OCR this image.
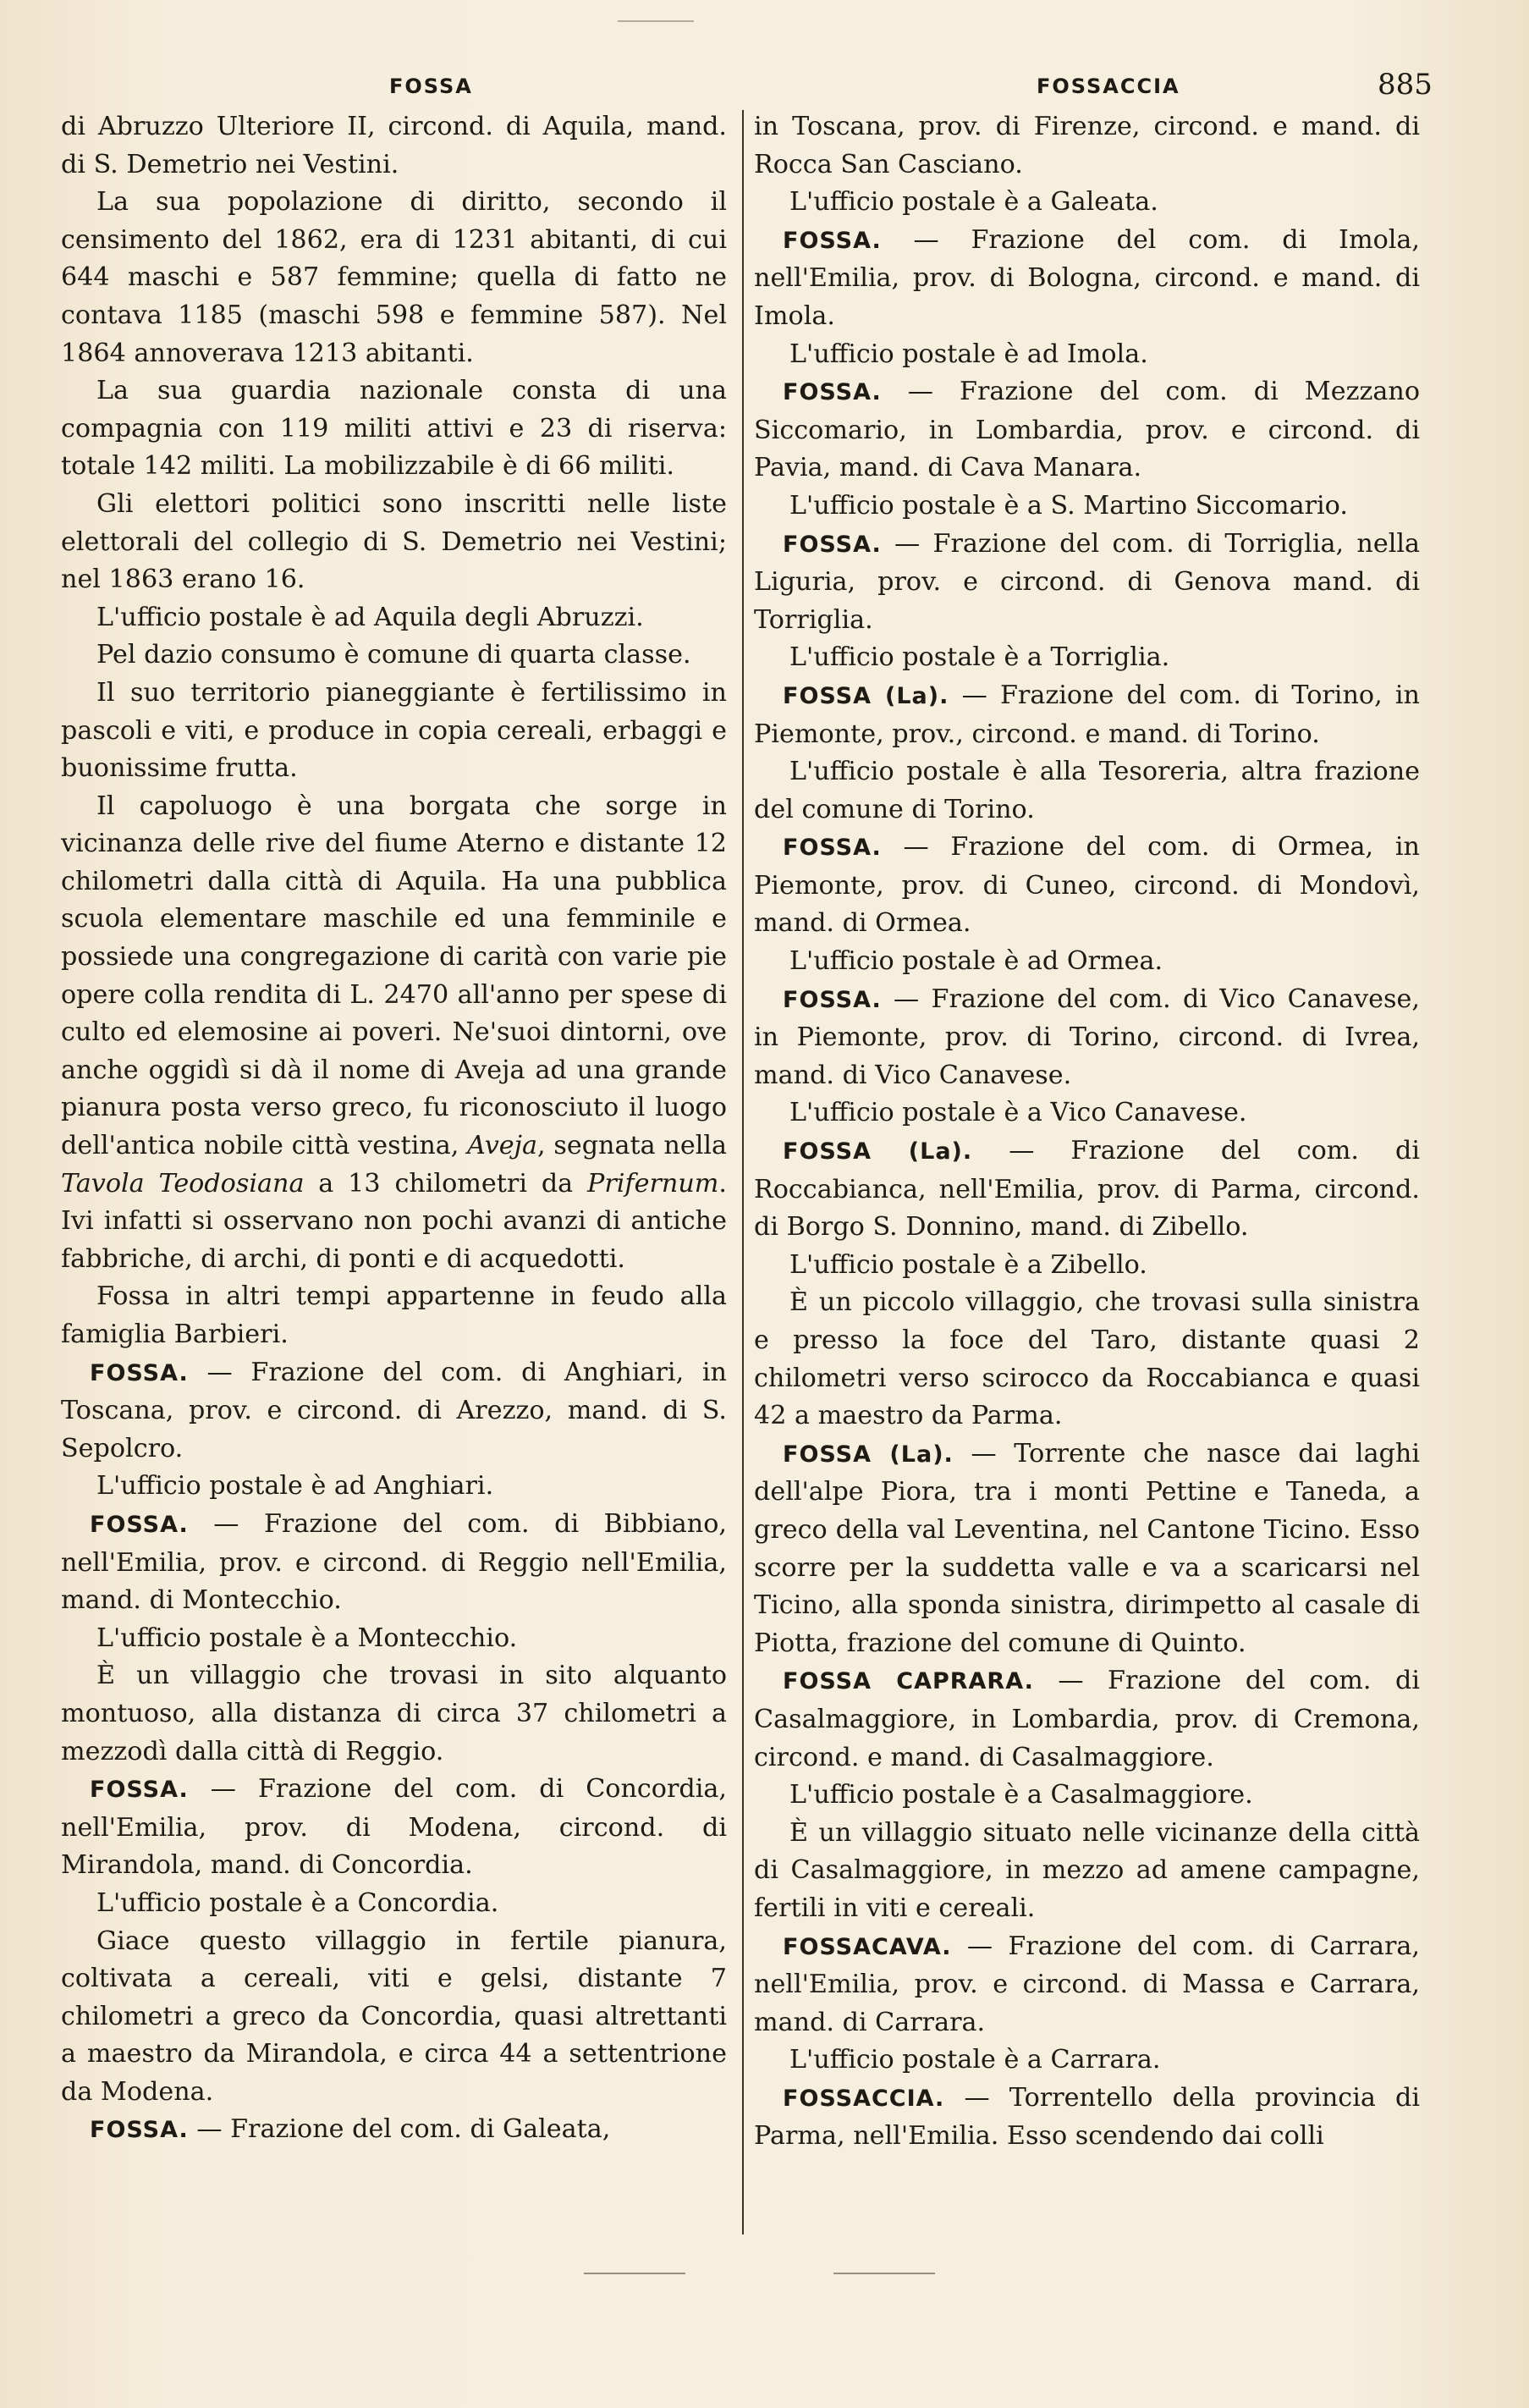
FOSSA	FOSSACCIA	885

di Abruzzo Ulteriore II, circond. di Aquila, mand. di S. Demetrio nei Vestini.

La sua popolazione di diritto, secondo il censimento del 1862, era di 1231 abitanti, di cui 644 maschi e 587 femmine; quella di fatto ne contava 1185 (maschi 598 e femmine 587). Nel 1864 annoverava 1213 abitanti.

La sua guardia nazionale consta di una compagnia con 119 militi attivi e 23 di riserva: totale 142 militi. La mobilizzabile è di 66 militi.

Gli elettori politici sono inscritti nelle liste elettorali del collegio di S. Demetrio nei Vestini; nel 1863 erano 16.

L'ufficio postale è ad Aquila degli Abruzzi.

Pel dazio consumo è comune di quarta classe.

Il suo territorio pianeggiante è fertilissimo in pascoli e viti, e produce in copia cereali, erbaggi e buonissime frutta.

Il capoluogo è una borgata che sorge in vicinanza delle rive del fiume Aterno e distante 12 chilometri dalla città di Aquila. Ha una pubblica scuola elementare maschile ed una femminile e possiede una congregazione di carità con varie pie opere colla rendita di L. 2470 all'anno per spese di culto ed elemosine ai poveri. Ne'suoi dintorni, ove anche oggidì si dà il nome di Aveja ad una grande pianura posta verso greco, fu riconosciuto il luogo dell'antica nobile città vestina, Aveja, segnata nella Tavola Teodosiana a 13 chilometri da Prifernum. Ivi infatti si osservano non pochi avanzi di antiche fabbriche, di archi, di ponti e di acquedotti.

Fossa in altri tempi appartenne in feudo alla famiglia Barbieri.

FOSSA. — Frazione del com. di Anghiari, in Toscana, prov. e circond. di Arezzo, mand. di S. Sepolcro.

L'ufficio postale è ad Anghiari.

FOSSA. — Frazione del com. di Bibbiano, nell'Emilia, prov. e circond. di Reggio nell'Emilia, mand. di Montecchio.

L'ufficio postale è a Montecchio.

È un villaggio che trovasi in sito alquanto montuoso, alla distanza di circa 37 chilometri a mezzodì dalla città di Reggio.

FOSSA. — Frazione del com. di Concordia, nell'Emilia, prov. di Modena, circond. di Mirandola, mand. di Concordia.

L'ufficio postale è a Concordia.

Giace questo villaggio in fertile pianura, coltivata a cereali, viti e gelsi, distante 7 chilometri a greco da Concordia, quasi altrettanti a maestro da Mirandola, e circa 44 a settentrione da Modena.

FOSSA. — Frazione del com. di Galeata,

in Toscana, prov. di Firenze, circond. e mand. di Rocca San Casciano.

L'ufficio postale è a Galeata.

FOSSA. — Frazione del com. di Imola, nell'Emilia, prov. di Bologna, circond. e mand. di Imola.

L'ufficio postale è ad Imola.

FOSSA. — Frazione del com. di Mezzano Siccomario, in Lombardia, prov. e circond. di Pavia, mand. di Cava Manara.

L'ufficio postale è a S. Martino Siccomario.

FOSSA. — Frazione del com. di Torriglia, nella Liguria, prov. e circond. di Genova mand. di Torriglia.

L'ufficio postale è a Torriglia.

FOSSA (La). — Frazione del com. di Torino, in Piemonte, prov., circond. e mand. di Torino.

L'ufficio postale è alla Tesoreria, altra frazione del comune di Torino.

FOSSA. — Frazione del com. di Ormea, in Piemonte, prov. di Cuneo, circond. di Mondovì, mand. di Ormea.

L'ufficio postale è ad Ormea.

FOSSA. — Frazione del com. di Vico Canavese, in Piemonte, prov. di Torino, circond. di Ivrea, mand. di Vico Canavese.

L'ufficio postale è a Vico Canavese.

FOSSA (La). — Frazione del com. di Roccabianca, nell'Emilia, prov. di Parma, circond. di Borgo S. Donnino, mand. di Zibello.

L'ufficio postale è a Zibello.

È un piccolo villaggio, che trovasi sulla sinistra e presso la foce del Taro, distante quasi 2 chilometri verso scirocco da Roccabianca e quasi 42 a maestro da Parma.

FOSSA (La). — Torrente che nasce dai laghi dell'alpe Piora, tra i monti Pettine e Taneda, a greco della val Leventina, nel Cantone Ticino. Esso scorre per la suddetta valle e va a scaricarsi nel Ticino, alla sponda sinistra, dirimpetto al casale di Piotta, frazione del comune di Quinto.

FOSSA CAPRARA. — Frazione del com. di Casalmaggiore, in Lombardia, prov. di Cremona, circond. e mand. di Casalmaggiore.

L'ufficio postale è a Casalmaggiore.

È un villaggio situato nelle vicinanze della città di Casalmaggiore, in mezzo ad amene campagne, fertili in viti e cereali.

FOSSACAVA. — Frazione del com. di Carrara, nell'Emilia, prov. e circond. di Massa e Carrara, mand. di Carrara.

L'ufficio postale è a Carrara.

FOSSACCIA. — Torrentello della provincia di Parma, nell'Emilia. Esso scendendo dai colli
